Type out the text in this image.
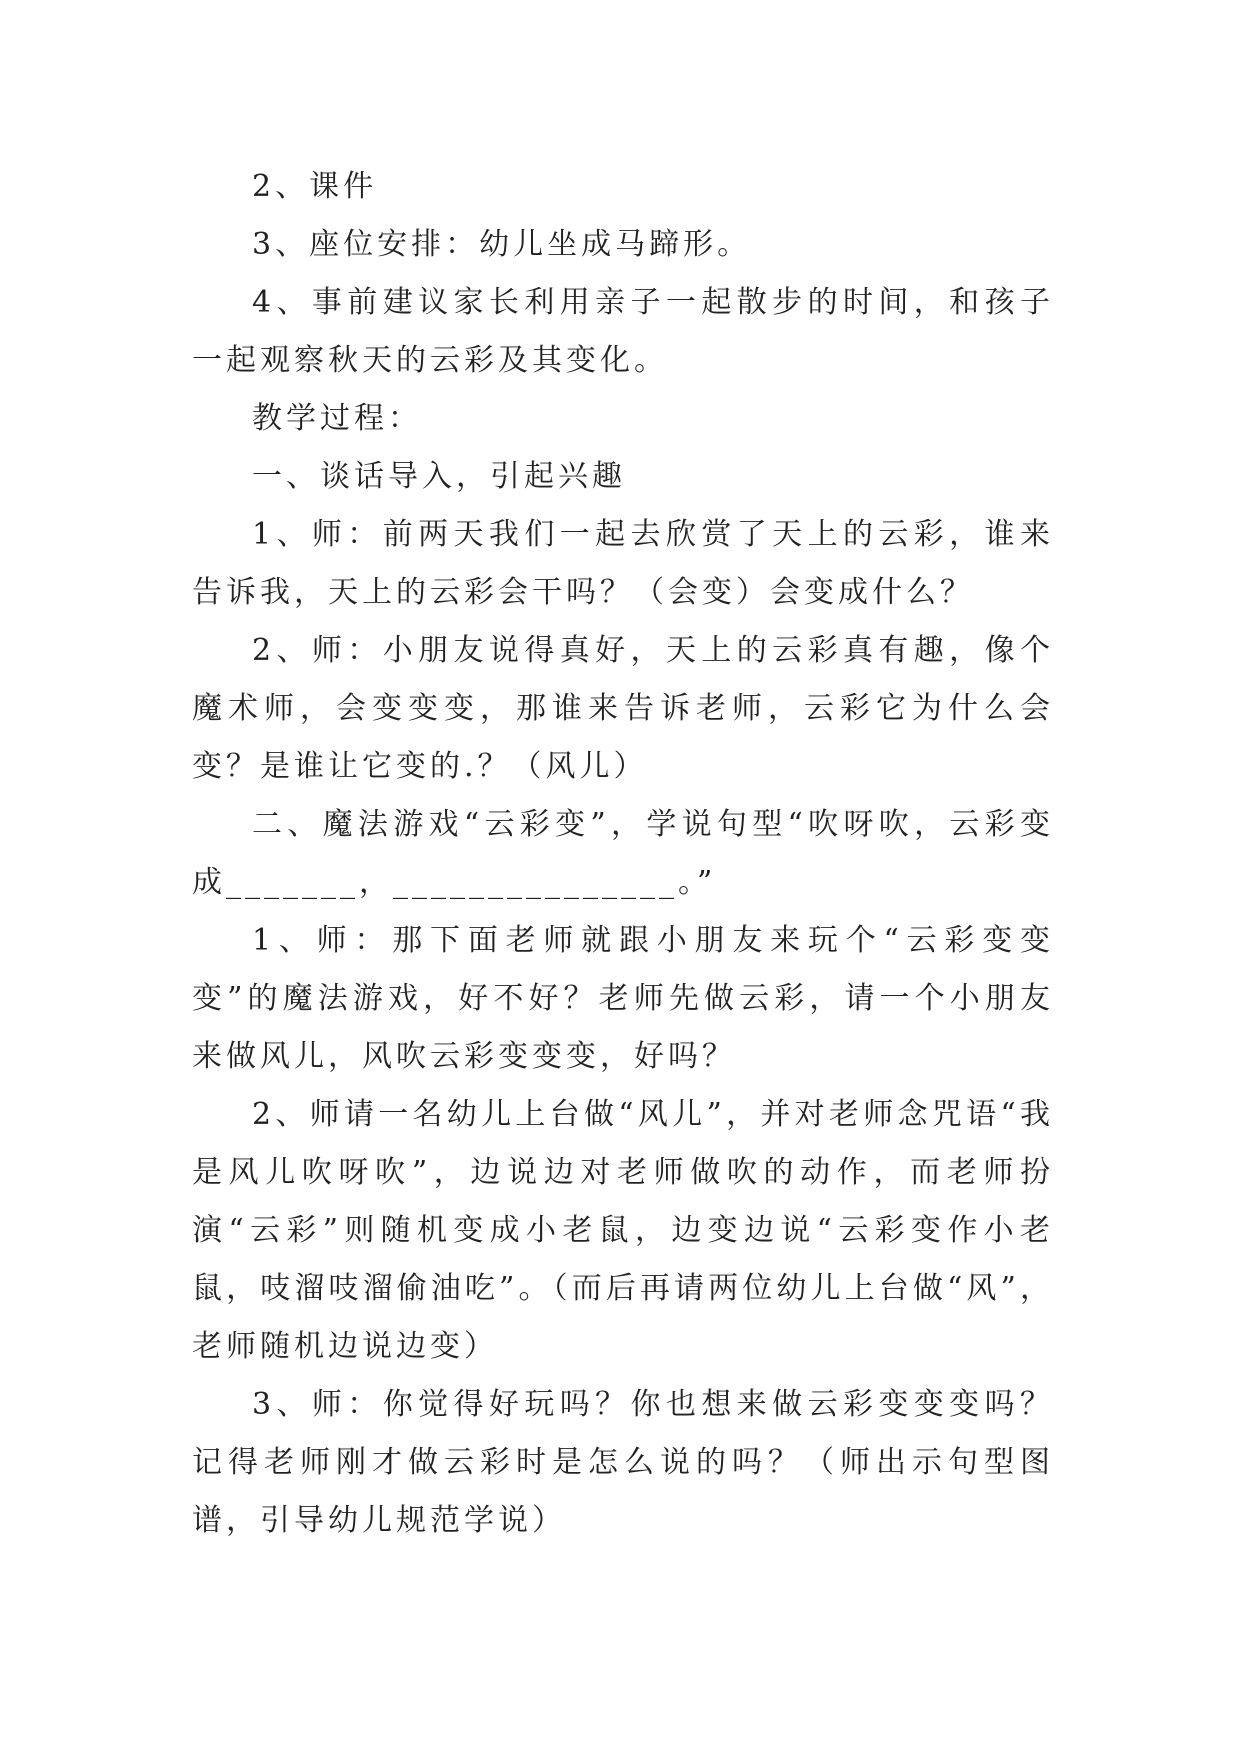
2、课件

3、座位安排：幼儿坐成马蹄形。

4、事前建议家长利用亲子一起散步的时间，和孩子一起观察秋天的云彩及其变化。

教学过程：

一、谈话导入，引起兴趣

1、师：前两天我们一起去欣赏了天上的云彩，谁来告诉我，天上的云彩会干吗？（会变）会变成什么？

2、师：小朋友说得真好，天上的云彩真有趣，像个魔术师，会变变变，那谁来告诉老师，云彩它为什么会变？是谁让它变的.？（风儿）

二、魔法游戏“云彩变”，学说句型“吹呀吹，云彩变成_______，_______________。”

1、师：那下面老师就跟小朋友来玩个“云彩变变变”的魔法游戏，好不好？老师先做云彩，请一个小朋友来做风儿，风吹云彩变变变，好吗？

2、师请一名幼儿上台做“风儿”，并对老师念咒语“我是风儿吹呀吹”，边说边对老师做吹的动作，而老师扮演“云彩”则随机变成小老鼠，边变边说“云彩变作小老鼠，吱溜吱溜偷油吃”。（而后再请两位幼儿上台做“风”，老师随机边说边变）

3、师：你觉得好玩吗？你也想来做云彩变变变吗？记得老师刚才做云彩时是怎么说的吗？（师出示句型图谱，引导幼儿规范学说）
